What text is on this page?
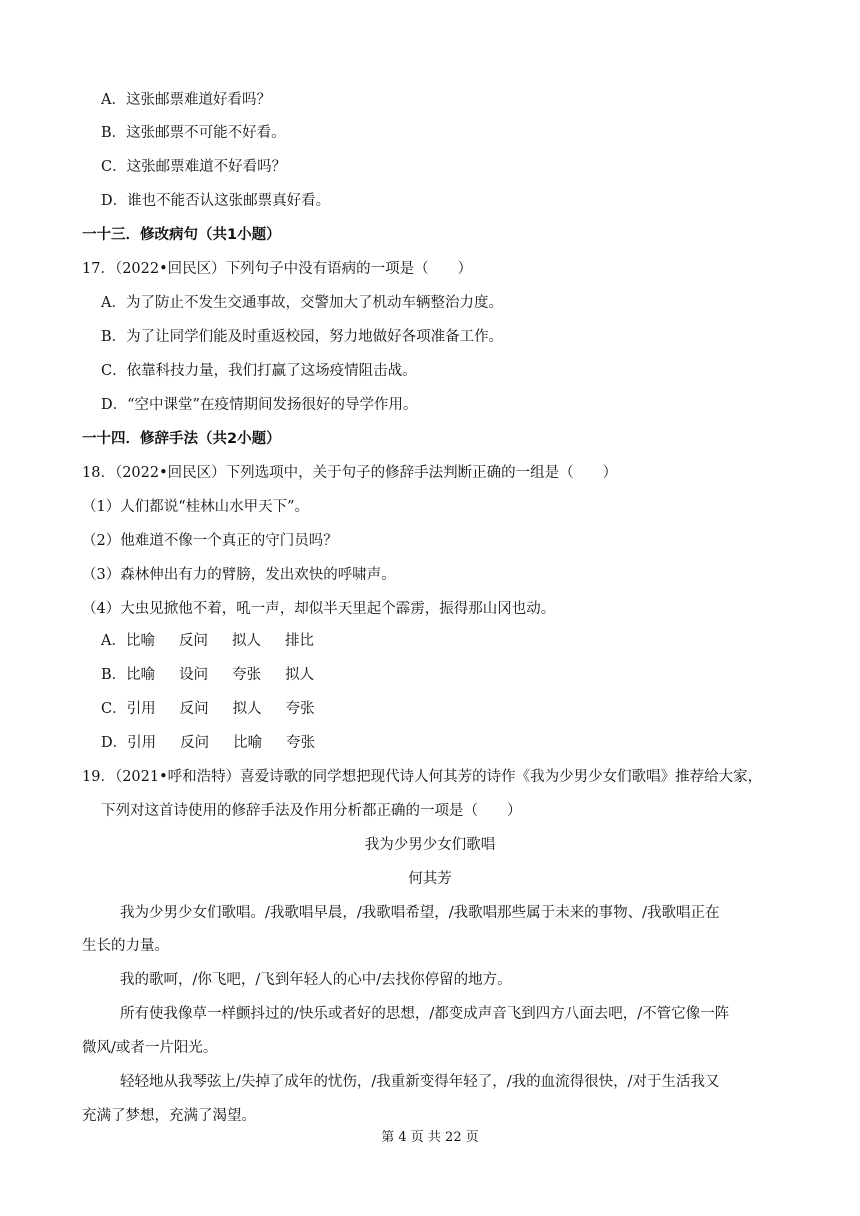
A．这张邮票难道好看吗？
B．这张邮票不可能不好看。
C．这张邮票难道不好看吗？
D．谁也不能否认这张邮票真好看。
一十三．修改病句（共1小题）
17．（2022•回民区）下列句子中没有语病的一项是（　　）
A．为了防止不发生交通事故，交警加大了机动车辆整治力度。
B．为了让同学们能及时重返校园，努力地做好各项准备工作。
C．依靠科技力量，我们打赢了这场疫情阻击战。
D．“空中课堂”在疫情期间发扬很好的导学作用。
一十四．修辞手法（共2小题）
18．（2022•回民区）下列选项中，关于句子的修辞手法判断正确的一组是（　　）
（1）人们都说“桂林山水甲天下”。
（2）他难道不像一个真正的守门员吗？
（3）森林伸出有力的臂膀，发出欢快的呼啸声。
（4）大虫见掀他不着，吼一声，却似半天里起个霹雳，振得那山冈也动。
A．比喻 反问 拟人 排比
B．比喻 设问 夸张 拟人
C．引用 反问 拟人 夸张
D．引用 反问 比喻 夸张
19．（2021•呼和浩特）喜爱诗歌的同学想把现代诗人何其芳的诗作《我为少男少女们歌唱》推荐给大家，
下列对这首诗使用的修辞手法及作用分析都正确的一项是（　　）
我为少男少女们歌唱
何其芳
我为少男少女们歌唱。/我歌唱早晨，/我歌唱希望，/我歌唱那些属于未来的事物、/我歌唱正在
生长的力量。
我的歌呵，/你飞吧，/飞到年轻人的心中/去找你停留的地方。
所有使我像草一样颤抖过的/快乐或者好的思想，/都变成声音飞到四方八面去吧，/不管它像一阵
微风/或者一片阳光。
轻轻地从我琴弦上/失掉了成年的忧伤，/我重新变得年轻了，/我的血流得很快，/对于生活我又
充满了梦想，充满了渴望。
第 4 页 共 22 页
